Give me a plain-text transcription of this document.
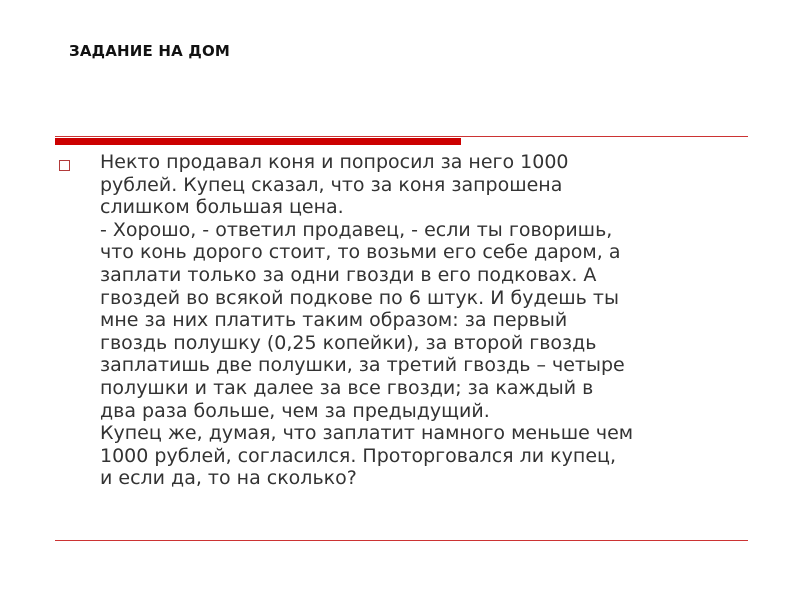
ЗАДАНИЕ НА ДОМ
Некто продавал коня и попросил за него 1000
рублей. Купец сказал, что за коня запрошена
слишком большая цена.
- Хорошо, - ответил продавец, - если ты говоришь,
что конь дорого стоит, то возьми его себе даром, а
заплати только за одни гвозди в его подковах. А
гвоздей во всякой подкове по 6 штук. И будешь ты
мне за них платить таким образом: за первый
гвоздь полушку (0,25 копейки), за второй гвоздь
заплатишь две полушки, за третий гвоздь – четыре
полушки и так далее за все гвозди; за каждый в
два раза больше, чем за предыдущий.
Купец же, думая, что заплатит намного меньше чем
1000 рублей, согласился. Проторговался ли купец,
и если да, то на сколько?
